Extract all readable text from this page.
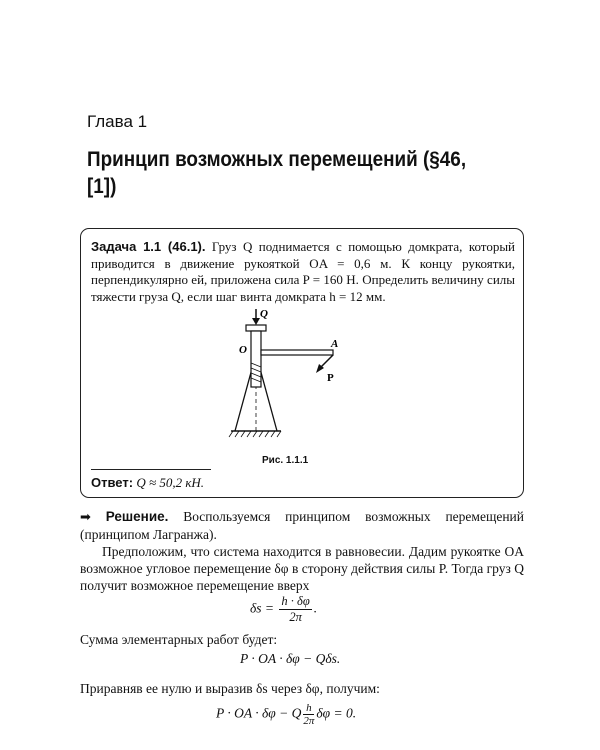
Глава 1
Принцип возможных перемещений (§46, [1])
Задача 1.1 (46.1). Груз Q поднимается с помощью домкрата, который приводится в движение рукояткой OA = 0,6 м. К концу рукоятки, перпендикулярно ей, приложена сила P = 160 Н. Определить величину силы тяжести груза Q, если шаг винта домкрата h = 12 мм.
Q
O	A
P
Рис. 1.1.1
Ответ: Q ≈ 50,2 кН.
➡ Решение. Воспользуемся принципом возможных перемещений (принципом Лагранжа).
Предположим, что система находится в равновесии. Дадим рукоятке OA возможное угловое перемещение δφ в сторону действия силы P. Тогда груз Q получит возможное перемещение вверх
$\delta s = \frac{h \cdot \delta\varphi}{2\pi}$ .
Сумма элементарных работ будет:
P · OA · δφ − Qδs.
Приравняв ее нулю и выразив δs через δφ, получим:
P · OA · δφ − Q $\frac{h}{2\pi}$ δφ = 0.
